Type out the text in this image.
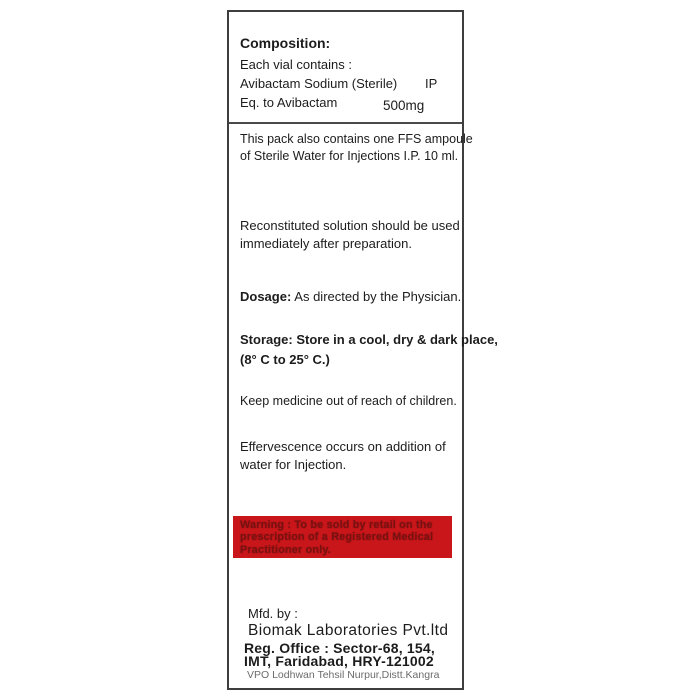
Composition:
Each vial contains :
Avibactam Sodium (Sterile) IP
Eq. to Avibactam	500mg
This pack also contains one FFS ampoule
of Sterile Water for Injections I.P. 10 ml.
Reconstituted solution should be used
immediately after preparation.
Dosage: As directed by the Physician.
Storage: Store in a cool, dry & dark place,
(8° C to 25° C.)
Keep medicine out of reach of children.
Effervescence occurs on addition of
water for Injection.
Warning : To be sold by retail on the
prescription of a Registered Medical
Practitioner only.
Mfd. by :
Biomak Laboratories Pvt.ltd
Reg. Office : Sector-68, 154,
IMT, Faridabad, HRY-121002
VPO Lodhwan Tehsil Nurpur,Distt.Kangra
